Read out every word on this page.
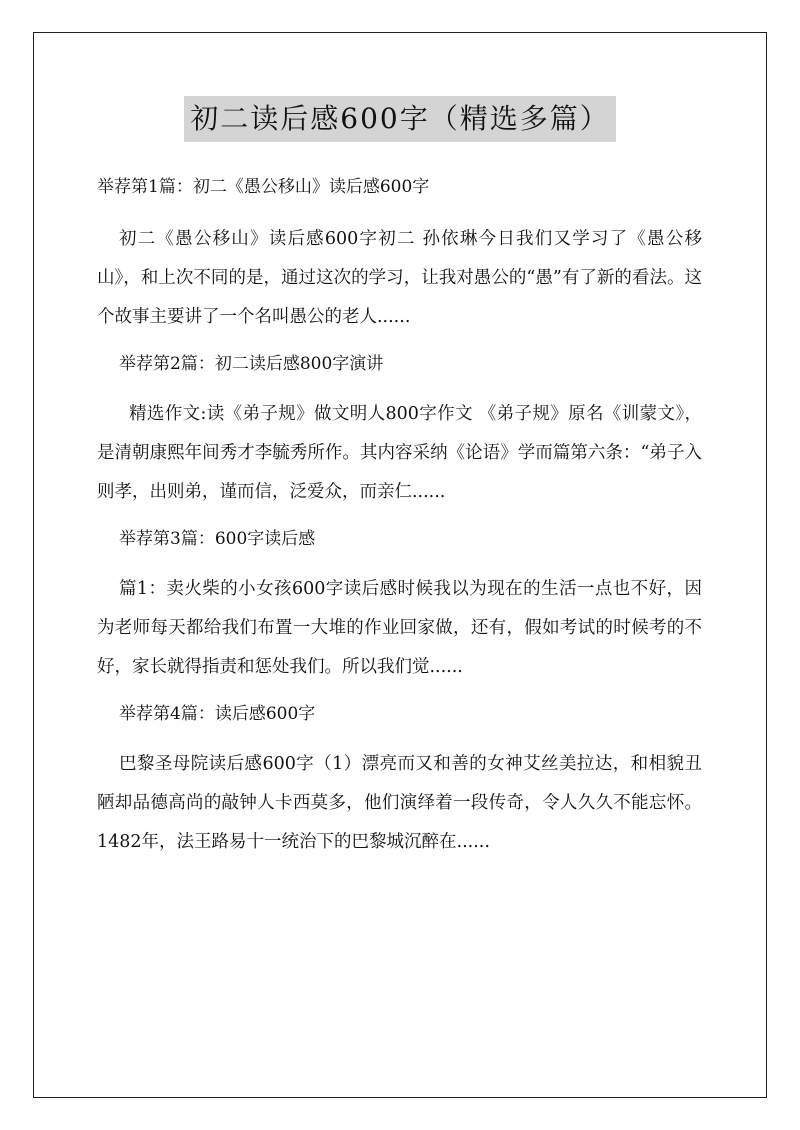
初二读后感600字（精选多篇）

举荐第1篇：初二《愚公移山》读后感600字

初二《愚公移山》读后感600字初二 孙依琳今日我们又学习了《愚公移山》，和上次不同的是，通过这次的学习，让我对愚公的“愚”有了新的看法。这个故事主要讲了一个名叫愚公的老人......

举荐第2篇：初二读后感800字演讲

精选作文:读《弟子规》做文明人800字作文 《弟子规》原名《训蒙文》，是清朝康熙年间秀才李毓秀所作。其内容采纳《论语》学而篇第六条：“弟子入则孝，出则弟，谨而信，泛爱众，而亲仁......

举荐第3篇：600字读后感

篇1：卖火柴的小女孩600字读后感时候我以为现在的生活一点也不好，因为老师每天都给我们布置一大堆的作业回家做，还有，假如考试的时候考的不好，家长就得指责和惩处我们。所以我们觉......

举荐第4篇：读后感600字

巴黎圣母院读后感600字（1）漂亮而又和善的女神艾丝美拉达，和相貌丑陋却品德高尚的敲钟人卡西莫多，他们演绎着一段传奇，令人久久不能忘怀。1482年，法王路易十一统治下的巴黎城沉醉在......
